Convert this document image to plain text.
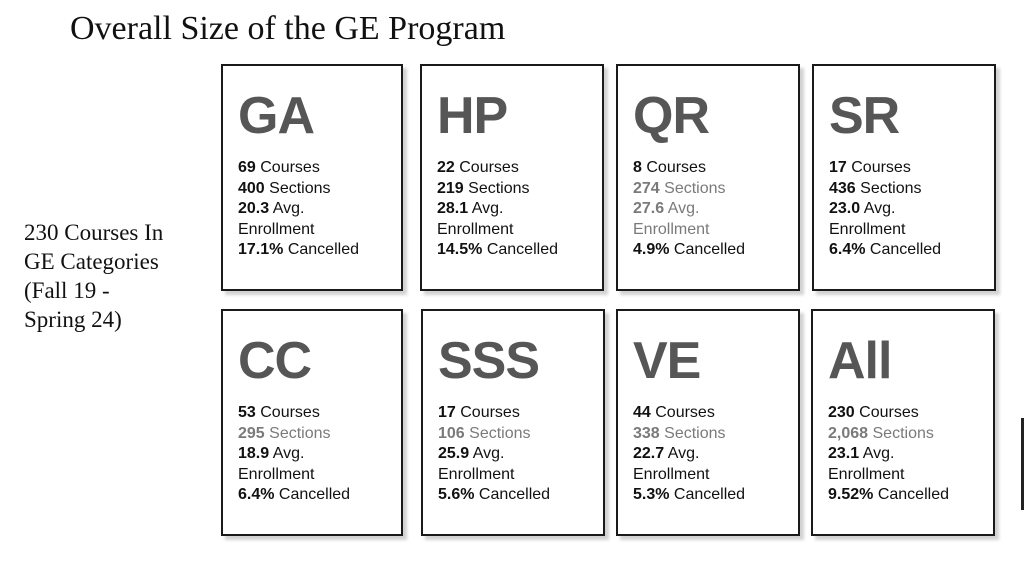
Overall Size of the GE Program
230 Courses In
GE Categories
(Fall 19 -
Spring 24)
GA
69 Courses
400 Sections
20.3 Avg.
Enrollment
17.1% Cancelled
HP
22 Courses
219 Sections
28.1 Avg.
Enrollment
14.5% Cancelled
QR
8 Courses
274 Sections
27.6 Avg.
Enrollment
4.9% Cancelled
SR
17 Courses
436 Sections
23.0 Avg.
Enrollment
6.4% Cancelled
CC
53 Courses
295 Sections
18.9 Avg.
Enrollment
6.4% Cancelled
SSS
17 Courses
106 Sections
25.9 Avg.
Enrollment
5.6% Cancelled
VE
44 Courses
338 Sections
22.7 Avg.
Enrollment
5.3% Cancelled
All
230 Courses
2,068 Sections
23.1 Avg.
Enrollment
9.52% Cancelled
